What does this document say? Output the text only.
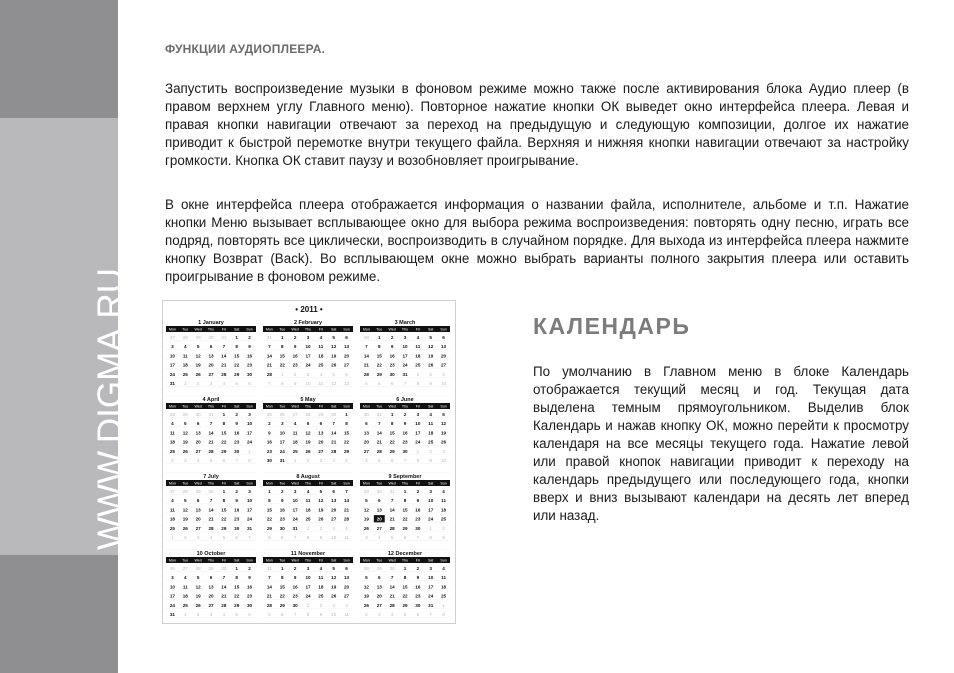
WWW.DIGMA.RU
ФУНКЦИИ АУДИОПЛЕЕРА.

Запустить воспроизведение музыки в фоновом режиме можно также после активирования блока Аудио плеер (в правом верхнем углу Главного меню). Повторное нажатие кнопки ОК выведет окно интерфейса плеера. Левая и правая кнопки навигации отвечают за переход на предыдущую и следующую композиции, долгое их нажатие приводит к быстрой перемотке внутри текущего файла. Верхняя и нижняя кнопки навигации отвечают за настройку громкости. Кнопка ОК ставит паузу и возобновляет проигрывание.

В окне интерфейса плеера отображается информация о названии файла, исполнителе, альбоме и т.п. Нажатие кнопки Меню вызывает всплывающее окно для выбора режима воспроизведения: повторять одну песню, играть все подряд, повторять все циклически, воспроизводить в случайном порядке. Для выхода из интерфейса плеера нажмите кнопку Возврат (Back). Во всплывающем окне можно выбрать варианты полного закрытия плеера или оставить проигрывание в фоновом режиме.

• 2011 •
1 January
Mon Tue Wed Thu Fri Sat Sun
27 28 29 30 31 1 2
3 4 5 6 7 8 9
10 11 12 13 14 15 16
17 18 19 20 21 22 23
24 25 26 27 28 29 30
31 1 2 3 4 5 6
2 February
Mon Tue Wed Thu Fri Sat Sun
31 1 2 3 4 5 6
7 8 9 10 11 12 13
14 15 16 17 18 19 20
21 22 23 24 25 26 27
28 1 2 3 4 5 6
7 8 9 10 11 12 13
3 March
Mon Tue Wed Thu Fri Sat Sun
28 1 2 3 4 5 6
7 8 9 10 11 12 13
14 15 16 17 18 19 20
21 22 23 24 25 26 27
28 29 30 31 1 2 3
4 5 6 7 8 9 10
4 April
Mon Tue Wed Thu Fri Sat Sun
28 29 30 31 1 2 3
4 5 6 7 8 9 10
11 12 13 14 15 16 17
18 19 20 21 22 23 24
25 26 27 28 29 30 1
2 3 4 5 6 7 8
5 May
Mon Tue Wed Thu Fri Sat Sun
25 26 27 28 29 30 1
2 3 4 5 6 7 8
9 10 11 12 13 14 15
16 17 18 19 20 21 22
23 24 25 26 27 28 29
30 31 1 2 3 4 5
6 June
Mon Tue Wed Thu Fri Sat Sun
30 31 1 2 3 4 5
6 7 8 9 10 11 12
13 14 15 16 17 18 19
20 21 22 23 24 25 26
27 28 29 30 1 2 3
4 5 6 7 8 9 10
7 July
Mon Tue Wed Thu Fri Sat Sun
27 28 29 30 1 2 3
4 5 6 7 8 9 10
11 12 13 14 15 16 17
18 19 20 21 22 23 24
25 26 27 28 29 30 31
1 2 3 4 5 6 7
8 August
Mon Tue Wed Thu Fri Sat Sun
1 2 3 4 5 6 7
8 9 10 11 12 13 14
15 16 17 18 19 20 21
22 23 24 25 26 27 28
29 30 31 1 2 3 4
5 6 7 8 9 10 11
9 September
Mon Tue Wed Thu Fri Sat Sun
29 30 31 1 2 3 4
5 6 7 8 9 10 11
12 13 14 15 16 17 18
19 20 21 22 23 24 25
26 27 28 29 30 1 2
3 4 5 6 7 8 9
10 October
Mon Tue Wed Thu Fri Sat Sun
26 27 28 29 30 1 2
3 4 5 6 7 8 9
10 11 12 13 14 15 16
17 18 19 20 21 22 23
24 25 26 27 28 29 30
31 1 2 3 4 5 6
11 November
Mon Tue Wed Thu Fri Sat Sun
31 1 2 3 4 5 6
7 8 9 10 11 12 13
14 15 16 17 18 19 20
21 22 23 24 25 26 27
28 29 30 1 2 3 4
5 6 7 8 9 10 11
12 December
Mon Tue Wed Thu Fri Sat Sun
28 29 30 1 2 3 4
5 6 7 8 9 10 11
12 13 14 15 16 17 18
19 20 21 22 23 24 25
26 27 28 29 30 31 1
2 3 4 5 6 7 8
КАЛЕНДАРЬ

По умолчанию в Главном меню в блоке Календарь отображается текущий месяц и год. Текущая дата выделена темным прямоугольником. Выделив блок Календарь и нажав кнопку ОК, можно перейти к просмотру календаря на все месяцы текущего года. Нажатие левой или правой кнопок навигации приводит к переходу на календарь предыдущего или последующего года, кнопки вверх и вниз вызывают календари на десять лет вперед или назад.
